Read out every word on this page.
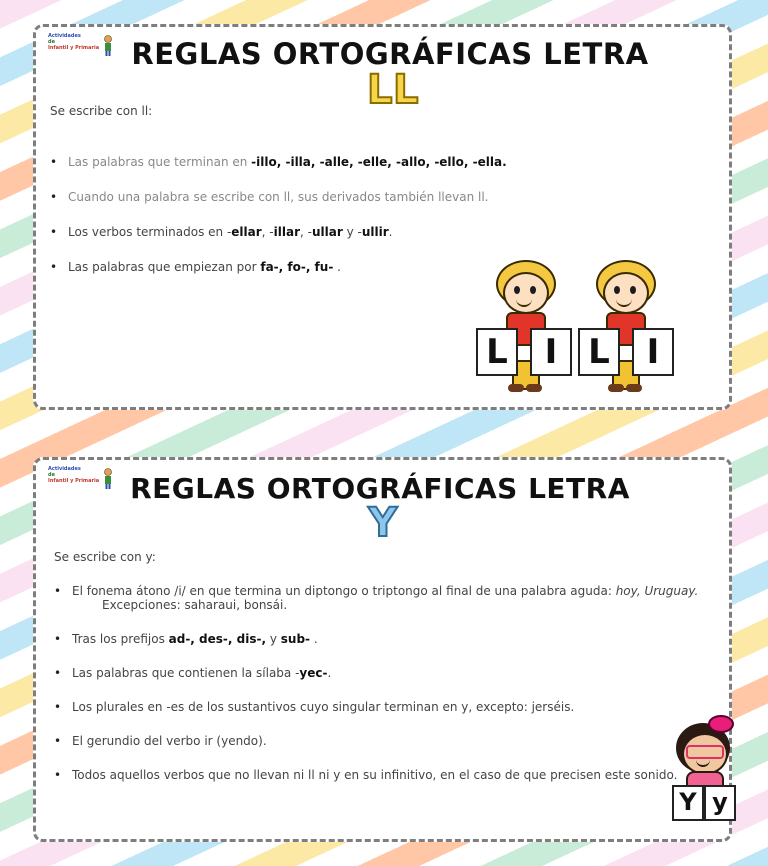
Actividades
de
Infantil y Primaria	REGLAS ORTOGRÁFICAS LETRA LL
Se escribe con ll:
• Las palabras que terminan en -illo, -illa, -alle, -elle, -allo, -ello, -ella.
• Cuando una palabra se escribe con ll, sus derivados también llevan ll.
• Los verbos terminados en -ellar, -illar, -ullar y -ullir.
• Las palabras que empiezan por fa-, fo-, fu- .
L	I L	I
Actividades
de
Infantil y Primaria	REGLAS ORTOGRÁFICAS LETRA Y
Se escribe con y:
• El fonema átono /i/ en que termina un diptongo o triptongo al final de una palabra aguda: hoy, Uruguay.
Excepciones: saharaui, bonsái.
• Tras los prefijos ad-, des-, dis-, y sub- .
• Las palabras que contienen la sílaba -yec-.
• Los plurales en -es de los sustantivos cuyo singular terminan en y, excepto: jerséis.
• El gerundio del verbo ir (yendo).
• Todos aquellos verbos que no llevan ni ll ni y en su infinitivo, en el caso de que precisen este sonido.
Y y
